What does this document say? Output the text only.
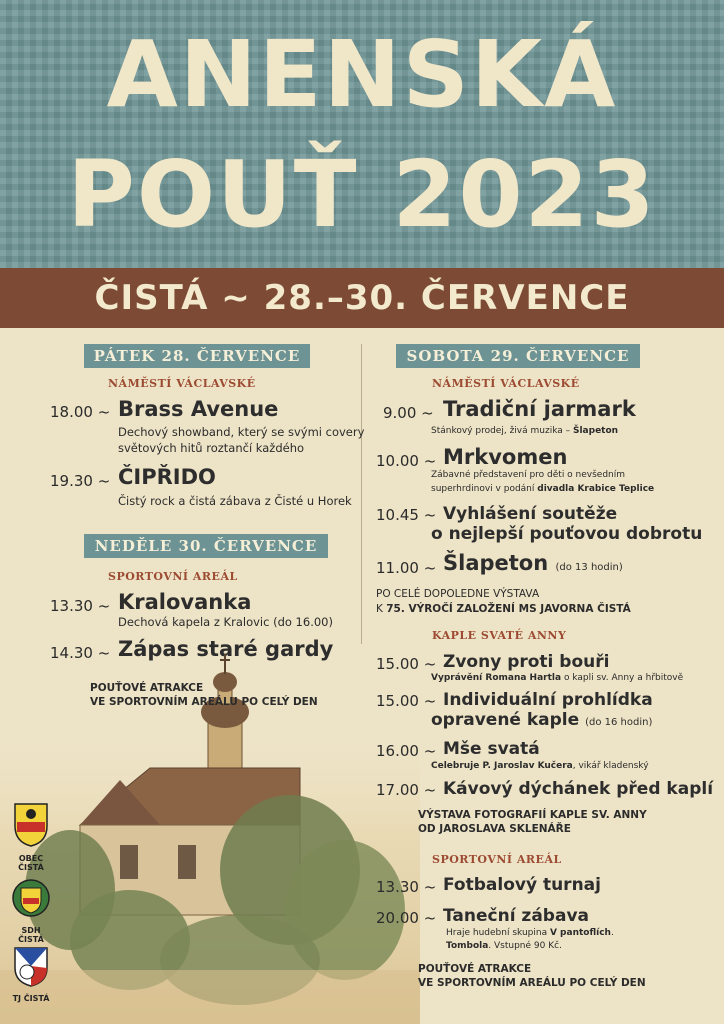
ANENSKÁ
POUŤ 2023
ČISTÁ ~ 28.–30. ČERVENCE
PÁTEK 28. ČERVENCE
NÁMĚSTÍ VÁCLAVSKÉ
18.00 ~ Brass Avenue
Dechový showband, který se svými covery
světových hitů roztančí každého
19.30 ~ ČIPŘIDO
Čistý rock a čistá zábava z Čisté u Horek
NEDĚLE 30. ČERVENCE
SPORTOVNÍ AREÁL
13.30 ~ Kralovanka
Dechová kapela z Kralovic (do 16.00)
14.30 ~ Zápas staré gardy
POUŤOVÉ ATRAKCE
VE SPORTOVNÍM AREÁLU PO CELÝ DEN
OBEC ČISTÁ
SDH ČISTÁ
TJ ČISTÁ
SOBOTA 29. ČERVENCE
NÁMĚSTÍ VÁCLAVSKÉ
9.00 ~ Tradiční jarmark
Stánkový prodej, živá muzika – Šlapeton
10.00 ~ Mrkvomen
Zábavné představení pro děti o nevšedním
superhrdinovi v podání divadla Krabice Teplice
10.45 ~ Vyhlášení soutěže
o nejlepší pouťovou dobrotu
11.00 ~ Šlapeton (do 13 hodin)
PO CELÉ DOPOLEDNE VÝSTAVA
K 75. VÝROČÍ ZALOŽENÍ MS JAVORNA ČISTÁ
KAPLE SVATÉ ANNY
15.00 ~ Zvony proti bouři
Vyprávění Romana Hartla o kapli sv. Anny a hřbitově
15.00 ~ Individuální prohlídka
opravené kaple (do 16 hodin)
16.00 ~ Mše svatá
Celebruje P. Jaroslav Kučera, vikář kladenský
17.00 ~ Kávový dýchánek před kaplí
VÝSTAVA FOTOGRAFIÍ KAPLE SV. ANNY
OD JAROSLAVA SKLENÁŘE
SPORTOVNÍ AREÁL
13.30 ~ Fotbalový turnaj
20.00 ~ Taneční zábava
Hraje hudební skupina V pantoflích.
Tombola. Vstupné 90 Kč.
POUŤOVÉ ATRAKCE
VE SPORTOVNÍM AREÁLU PO CELÝ DEN
